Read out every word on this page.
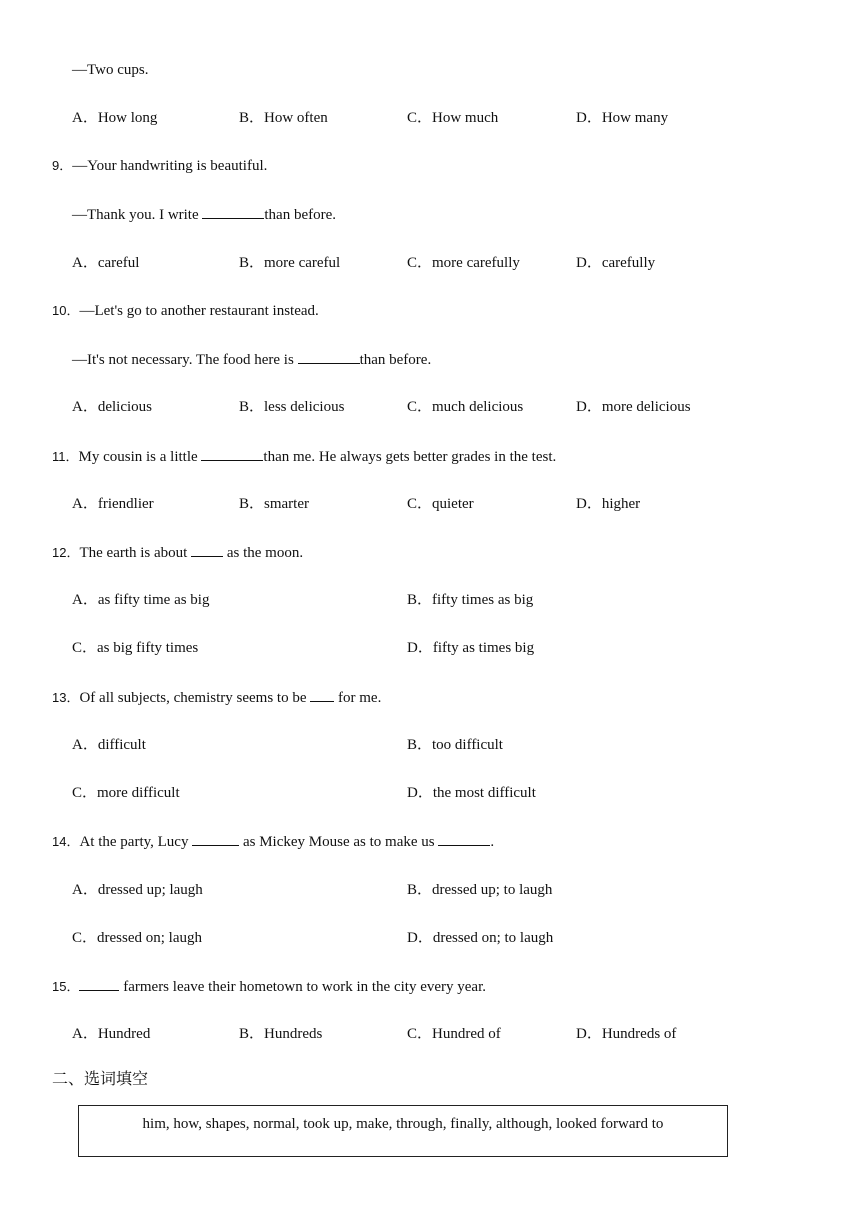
—Two cups.
A．How long	B．How often	C．How much	D．How many
9．—Your handwriting is beautiful.
—Thank you. I write	than before.
A．careful	B．more careful	C．more carefully	D．carefully
10．—Let's go to another restaurant instead.
—It's not necessary. The food here is	than before.
A．delicious	B．less delicious	C．much delicious	D．more delicious
11．My cousin is a little	than me. He always gets better grades in the test.
A．friendlier	B．smarter	C．quieter	D．higher
12．The earth is about  as the moon.
A．as fifty time as big	B．fifty times as big
C．as big fifty times	D．fifty as times big
13．Of all subjects, chemistry seems to be  for me.
A．difficult	B．too difficult
C．more difficult	D．the most difficult
14．At the party, Lucy	as Mickey Mouse as to make us	.
A．dressed up; laugh	B．dressed up; to laugh
C．dressed on; laugh	D．dressed on; to laugh
15．	farmers leave their hometown to work in the city every year.
A．Hundred	B．Hundreds	C．Hundred of	D．Hundreds of
二、选词填空
him, how, shapes, normal, took up, make, through, finally, although, looked forward to
